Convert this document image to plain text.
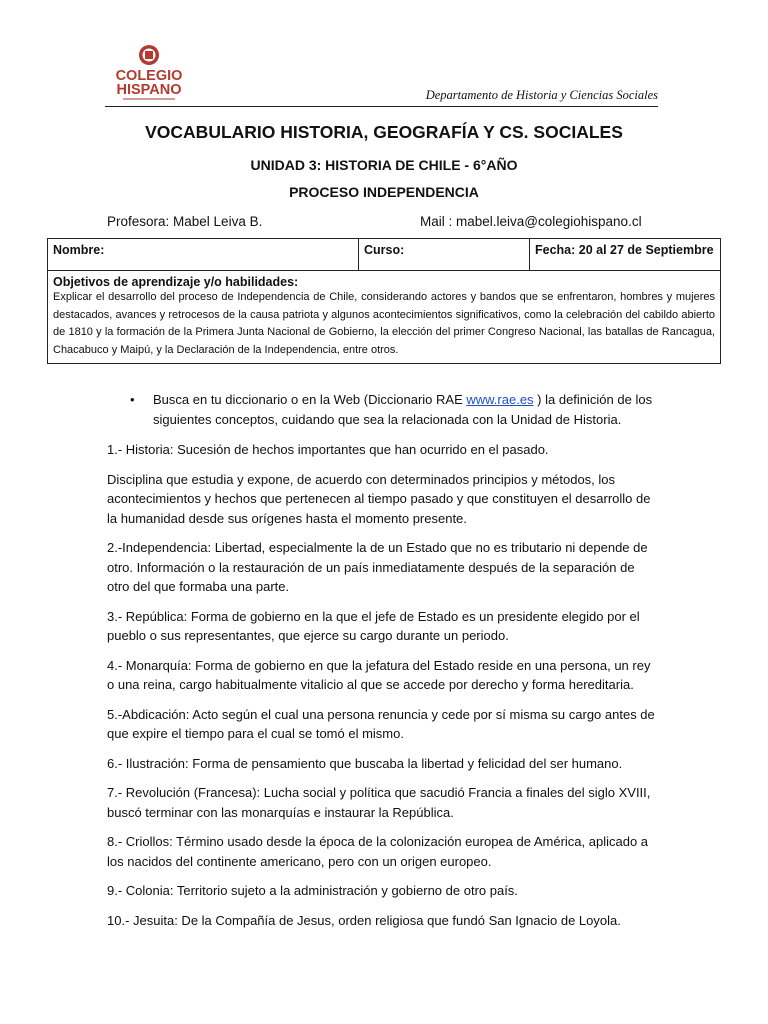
COLEGIO
HISPANO	Departamento de Historia y Ciencias Sociales
VOCABULARIO HISTORIA, GEOGRAFÍA Y CS. SOCIALES
UNIDAD 3: HISTORIA DE CHILE - 6°AÑO
PROCESO INDEPENDENCIA
Profesora: Mabel Leiva B.	Mail : mabel.leiva@colegiohispano.cl
Nombre:	Curso:	Fecha: 20 al 27 de Septiembre

Objetivos de aprendizaje y/o habilidades:
Explicar el desarrollo del proceso de Independencia de Chile, considerando actores y bandos que se enfrentaron, hombres y mujeres destacados, avances y retrocesos de la causa patriota y algunos acontecimientos significativos, como la celebración del cabildo abierto de 1810 y la formación de la Primera Junta Nacional de Gobierno, la elección del primer Congreso Nacional, las batallas de Rancagua, Chacabuco y Maipú, y la Declaración de la Independencia, entre otros.
• Busca en tu diccionario o en la Web (Diccionario RAE www.rae.es ) la definición de los siguientes conceptos, cuidando que sea la relacionada con la Unidad de Historia.

1.- Historia: Sucesión de hechos importantes que han ocurrido en el pasado.

Disciplina que estudia y expone, de acuerdo con determinados principios y métodos, los acontecimientos y hechos que pertenecen al tiempo pasado y que constituyen el desarrollo de la humanidad desde sus orígenes hasta el momento presente.

2.-Independencia: Libertad, especialmente la de un Estado que no es tributario ni depende de otro. Información o la restauración de un país inmediatamente después de la separación de otro del que formaba una parte.

3.- República: Forma de gobierno en la que el jefe de Estado es un presidente elegido por el pueblo o sus representantes, que ejerce su cargo durante un periodo.

4.- Monarquía: Forma de gobierno en que la jefatura del Estado reside en una persona, un rey o una reina, cargo habitualmente vitalicio al que se accede por derecho y forma hereditaria.

5.-Abdicación: Acto según el cual una persona renuncia y cede por sí misma su cargo antes de que expire el tiempo para el cual se tomó el mismo.

6.- Ilustración: Forma de pensamiento que buscaba la libertad y felicidad del ser humano.

7.- Revolución (Francesa): Lucha social y política que sacudió Francia a finales del siglo XVIII, buscó terminar con las monarquías e instaurar la República.

8.- Criollos: Término usado desde la época de la colonización europea de América, aplicado a los nacidos del continente americano, pero con un origen europeo.

9.- Colonia: Territorio sujeto a la administración y gobierno de otro país.

10.- Jesuita: De la Compañía de Jesus, orden religiosa que fundó San Ignacio de Loyola.
